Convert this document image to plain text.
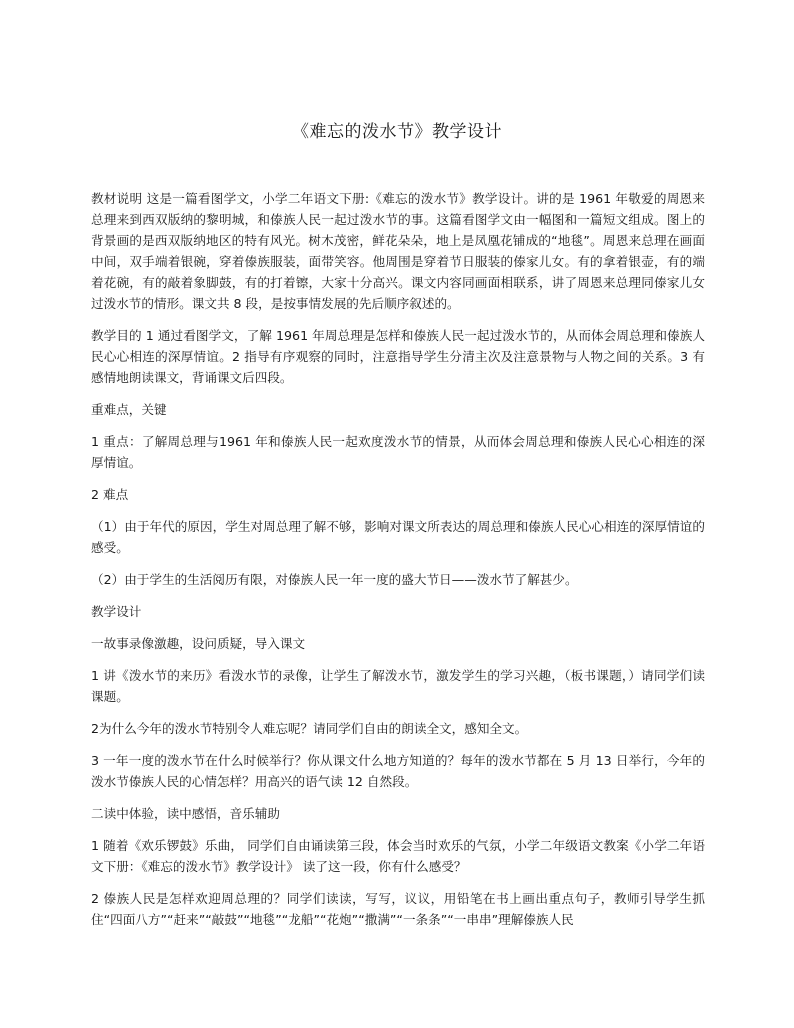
《难忘的泼水节》教学设计

教材说明 这是一篇看图学文，小学二年语文下册:《难忘的泼水节》教学设计。讲的是 1961 年敬爱的周恩来总理来到西双版纳的黎明城，和傣族人民一起过泼水节的事。这篇看图学文由一幅图和一篇短文组成。图上的背景画的是西双版纳地区的特有风光。树木茂密，鲜花朵朵，地上是凤凰花铺成的“地毯”。周恩来总理在画面中间，双手端着银碗，穿着傣族服装，面带笑容。他周围是穿着节日服装的傣家儿女。有的拿着银壶，有的端着花碗，有的敲着象脚鼓，有的打着镲，大家十分高兴。课文内容同画面相联系，讲了周恩来总理同傣家儿女过泼水节的情形。课文共 8 段，是按事情发展的先后顺序叙述的。

教学目的 1 通过看图学文，了解 1961 年周总理是怎样和傣族人民一起过泼水节的，从而体会周总理和傣族人民心心相连的深厚情谊。2 指导有序观察的同时，注意指导学生分清主次及注意景物与人物之间的关系。3 有感情地朗读课文，背诵课文后四段。

重难点，关键

1 重点：了解周总理与1961 年和傣族人民一起欢度泼水节的情景，从而体会周总理和傣族人民心心相连的深厚情谊。

2 难点

（1）由于年代的原因，学生对周总理了解不够，影响对课文所表达的周总理和傣族人民心心相连的深厚情谊的感受。

（2）由于学生的生活阅历有限，对傣族人民一年一度的盛大节日——泼水节了解甚少。

教学设计

一故事录像激趣，设问质疑，导入课文

1 讲《泼水节的来历》看泼水节的录像，让学生了解泼水节，激发学生的学习兴趣，（板书课题，）请同学们读课题。

2为什么今年的泼水节特别令人难忘呢？请同学们自由的朗读全文，感知全文。

3 一年一度的泼水节在什么时候举行？你从课文什么地方知道的？每年的泼水节都在 5 月 13 日举行，今年的泼水节傣族人民的心情怎样？用高兴的语气读 12 自然段。

二读中体验，读中感悟，音乐辅助

1 随着《欢乐锣鼓》乐曲， 同学们自由诵读第三段，体会当时欢乐的气氛，小学二年级语文教案《小学二年语文下册：《难忘的泼水节》教学设计》 读了这一段，你有什么感受？

2 傣族人民是怎样欢迎周总理的？同学们读读，写写，议议，用铅笔在书上画出重点句子，教师引导学生抓住“四面八方”“赶来”“敲鼓”“地毯”“龙船”“花炮”“撒满”“一条条”“一串串”理解傣族人民
